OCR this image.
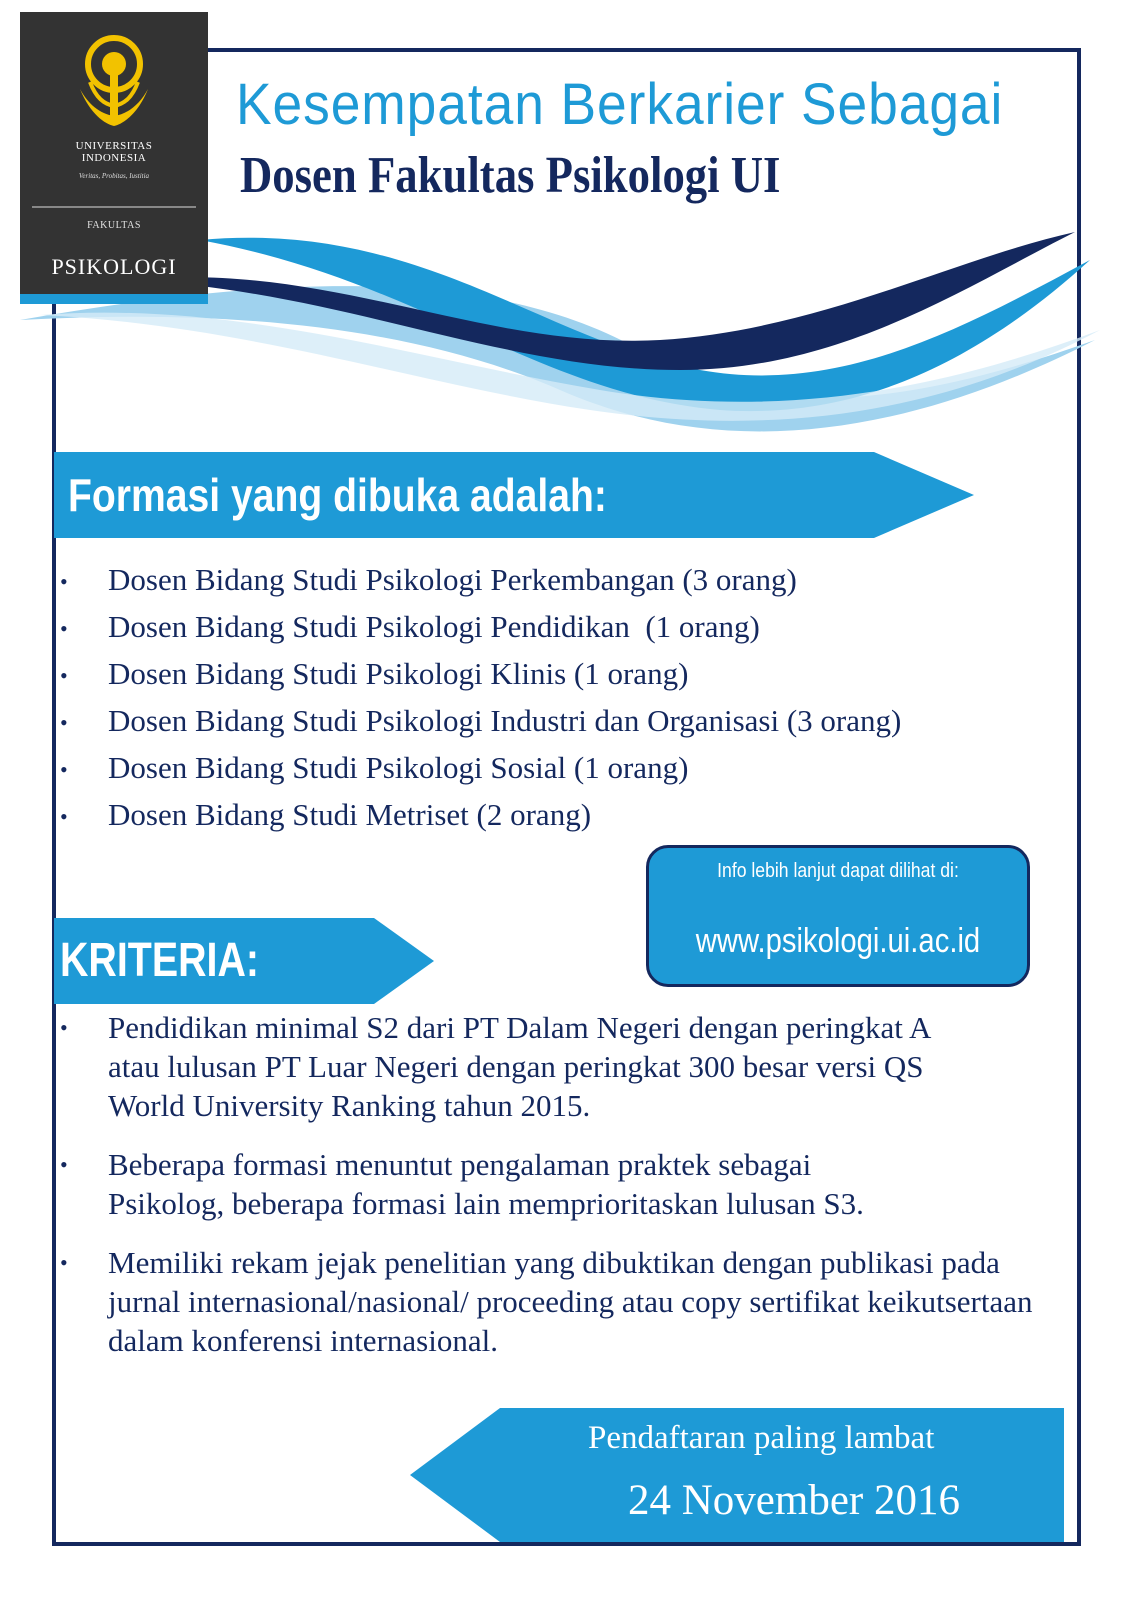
UNIVERSITAS
INDONESIA
Veritas, Probitas, Iustitia
FAKULTAS
PSIKOLOGI
Kesempatan Berkarier Sebagai
Dosen Fakultas Psikologi UI
Formasi yang dibuka adalah:
• Dosen Bidang Studi Psikologi Perkembangan (3 orang)
• Dosen Bidang Studi Psikologi Pendidikan  (1 orang)
• Dosen Bidang Studi Psikologi Klinis (1 orang)
• Dosen Bidang Studi Psikologi Industri dan Organisasi (3 orang)
• Dosen Bidang Studi Psikologi Sosial (1 orang)
• Dosen Bidang Studi Metriset (2 orang)
Info lebih lanjut dapat dilihat di:
www.psikologi.ui.ac.id
KRITERIA:
• Pendidikan minimal S2 dari PT Dalam Negeri dengan peringkat A atau lulusan PT Luar Negeri dengan peringkat 300 besar versi QS World University Ranking tahun 2015.
• Beberapa formasi menuntut pengalaman praktek sebagai Psikolog, beberapa formasi lain memprioritaskan lulusan S3.
• Memiliki rekam jejak penelitian yang dibuktikan dengan publikasi pada jurnal internasional/nasional/ proceeding atau copy sertifikat keikutsertaan dalam konferensi internasional.
Pendaftaran paling lambat
24 November 2016
